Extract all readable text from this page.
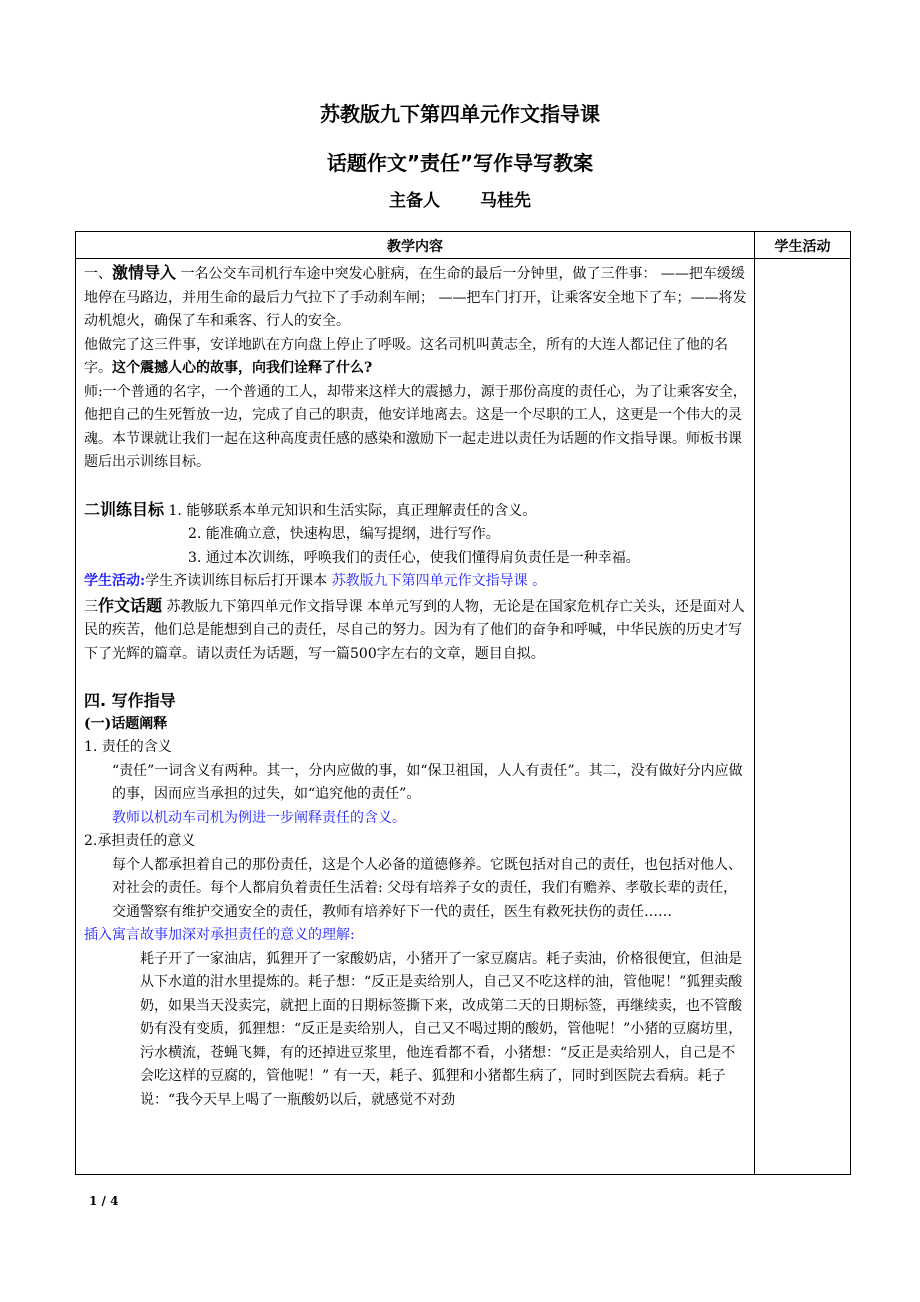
苏教版九下第四单元作文指导课
话题作文”责任”写作导写教案
主备人 马桂先
教学内容	学生活动

一、激情导入 一名公交车司机行车途中突发心脏病，在生命的最后一分钟里，做了三件事： ——把车缓缓地停在马路边，并用生命的最后力气拉下了手动刹车闸； ——把车门打开，让乘客安全地下了车；——将发动机熄火，确保了车和乘客、行人的安全。

他做完了这三件事，安详地趴在方向盘上停止了呼吸。这名司机叫黄志全，所有的大连人都记住了他的名字。这个震撼人心的故事，向我们诠释了什么?

师:一个普通的名字，一个普通的工人，却带来这样大的震撼力，源于那份高度的责任心，为了让乘客安全，他把自己的生死暂放一边，完成了自己的职责，他安详地离去。这是一个尽职的工人，这更是一个伟大的灵魂。本节课就让我们一起在这种高度责任感的感染和激励下一起走进以责任为话题的作文指导课。师板书课题后出示训练目标。

二训练目标 1. 能够联系本单元知识和生活实际，真正理解责任的含义。

2. 能准确立意，快速构思，编写提纲，进行写作。

3. 通过本次训练，呼唤我们的责任心，使我们懂得肩负责任是一种幸福。

学生活动:学生齐读训练目标后打开课本 苏教版九下第四单元作文指导课 。

三作文话题 苏教版九下第四单元作文指导课 本单元写到的人物，无论是在国家危机存亡关头，还是面对人民的疾苦，他们总是能想到自己的责任，尽自己的努力。因为有了他们的奋争和呼喊，中华民族的历史才写下了光辉的篇章。请以责任为话题，写一篇500字左右的文章，题目自拟。

四. 写作指导

(一)话题阐释

1. 责任的含义

“责任”一词含义有两种。其一，分内应做的事，如“保卫祖国，人人有责任”。其二，没有做好分内应做的事，因而应当承担的过失，如“追究他的责任”。

教师以机动车司机为例进一步阐释责任的含义。

2.承担责任的意义

每个人都承担着自己的那份责任，这是个人必备的道德修养。它既包括对自己的责任，也包括对他人、对社会的责任。每个人都肩负着责任生活着: 父母有培养子女的责任，我们有赡养、孝敬长辈的责任，交通警察有维护交通安全的责任，教师有培养好下一代的责任，医生有救死扶伤的责任……

插入寓言故事加深对承担责任的意义的理解:

耗子开了一家油店，狐狸开了一家酸奶店，小猪开了一家豆腐店。耗子卖油，价格很便宜，但油是从下水道的泔水里提炼的。耗子想：“反正是卖给别人，自己又不吃这样的油，管他呢！”狐狸卖酸奶，如果当天没卖完，就把上面的日期标签撕下来，改成第二天的日期标签，再继续卖，也不管酸奶有没有变质，狐狸想：“反正是卖给别人，自己又不喝过期的酸奶，管他呢！”小猪的豆腐坊里，污水横流，苍蝇飞舞，有的还掉进豆浆里，他连看都不看，小猪想：“反正是卖给别人，自己是不会吃这样的豆腐的，管他呢！” 有一天，耗子、狐狸和小猪都生病了，同时到医院去看病。耗子说：“我今天早上喝了一瓶酸奶以后，就感觉不对劲

1 / 4
